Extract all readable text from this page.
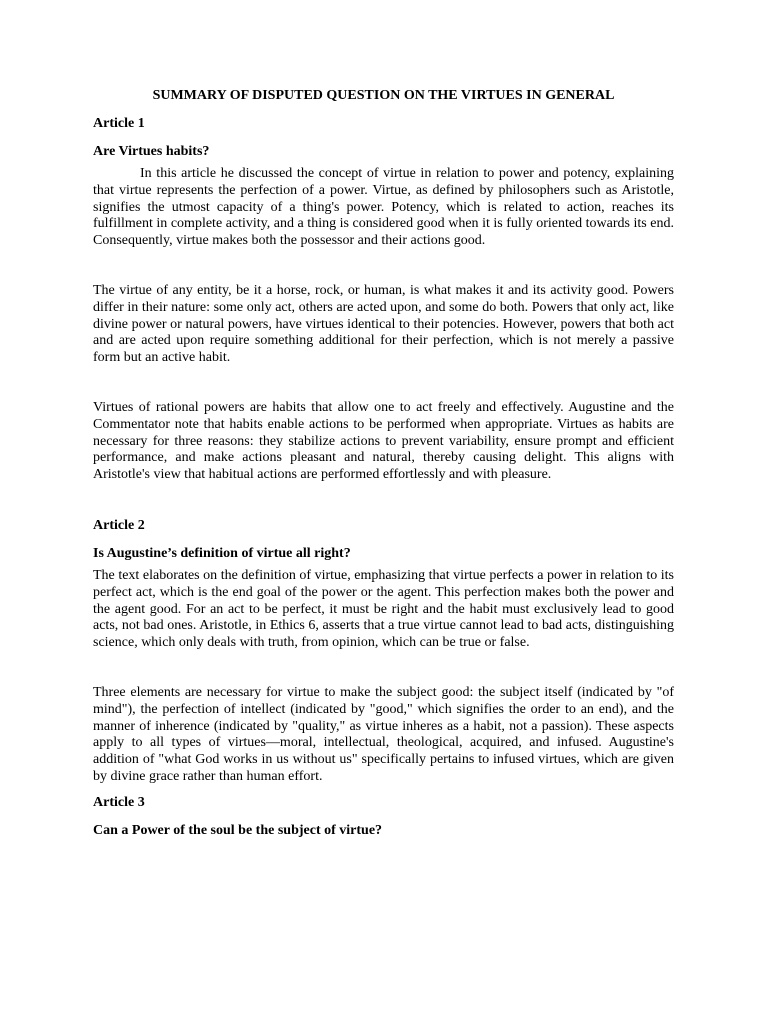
SUMMARY OF DISPUTED QUESTION ON THE VIRTUES IN GENERAL
Article 1
Are Virtues habits?

In this article he discussed the concept of virtue in relation to power and potency, explaining that virtue represents the perfection of a power. Virtue, as defined by philosophers such as Aristotle, signifies the utmost capacity of a thing's power. Potency, which is related to action, reaches its fulfillment in complete activity, and a thing is considered good when it is fully oriented towards its end. Consequently, virtue makes both the possessor and their actions good.

The virtue of any entity, be it a horse, rock, or human, is what makes it and its activity good. Powers differ in their nature: some only act, others are acted upon, and some do both. Powers that only act, like divine power or natural powers, have virtues identical to their potencies. However, powers that both act and are acted upon require something additional for their perfection, which is not merely a passive form but an active habit.

Virtues of rational powers are habits that allow one to act freely and effectively. Augustine and the Commentator note that habits enable actions to be performed when appropriate. Virtues as habits are necessary for three reasons: they stabilize actions to prevent variability, ensure prompt and efficient performance, and make actions pleasant and natural, thereby causing delight. This aligns with Aristotle's view that habitual actions are performed effortlessly and with pleasure.

Article 2
Is Augustine’s definition of virtue all right?

The text elaborates on the definition of virtue, emphasizing that virtue perfects a power in relation to its perfect act, which is the end goal of the power or the agent. This perfection makes both the power and the agent good. For an act to be perfect, it must be right and the habit must exclusively lead to good acts, not bad ones. Aristotle, in Ethics 6, asserts that a true virtue cannot lead to bad acts, distinguishing science, which only deals with truth, from opinion, which can be true or false.

Three elements are necessary for virtue to make the subject good: the subject itself (indicated by "of mind"), the perfection of intellect (indicated by "good," which signifies the order to an end), and the manner of inherence (indicated by "quality," as virtue inheres as a habit, not a passion). These aspects apply to all types of virtues—moral, intellectual, theological, acquired, and infused. Augustine's addition of "what God works in us without us" specifically pertains to infused virtues, which are given by divine grace rather than human effort.

Article 3
Can a Power of the soul be the subject of virtue?
